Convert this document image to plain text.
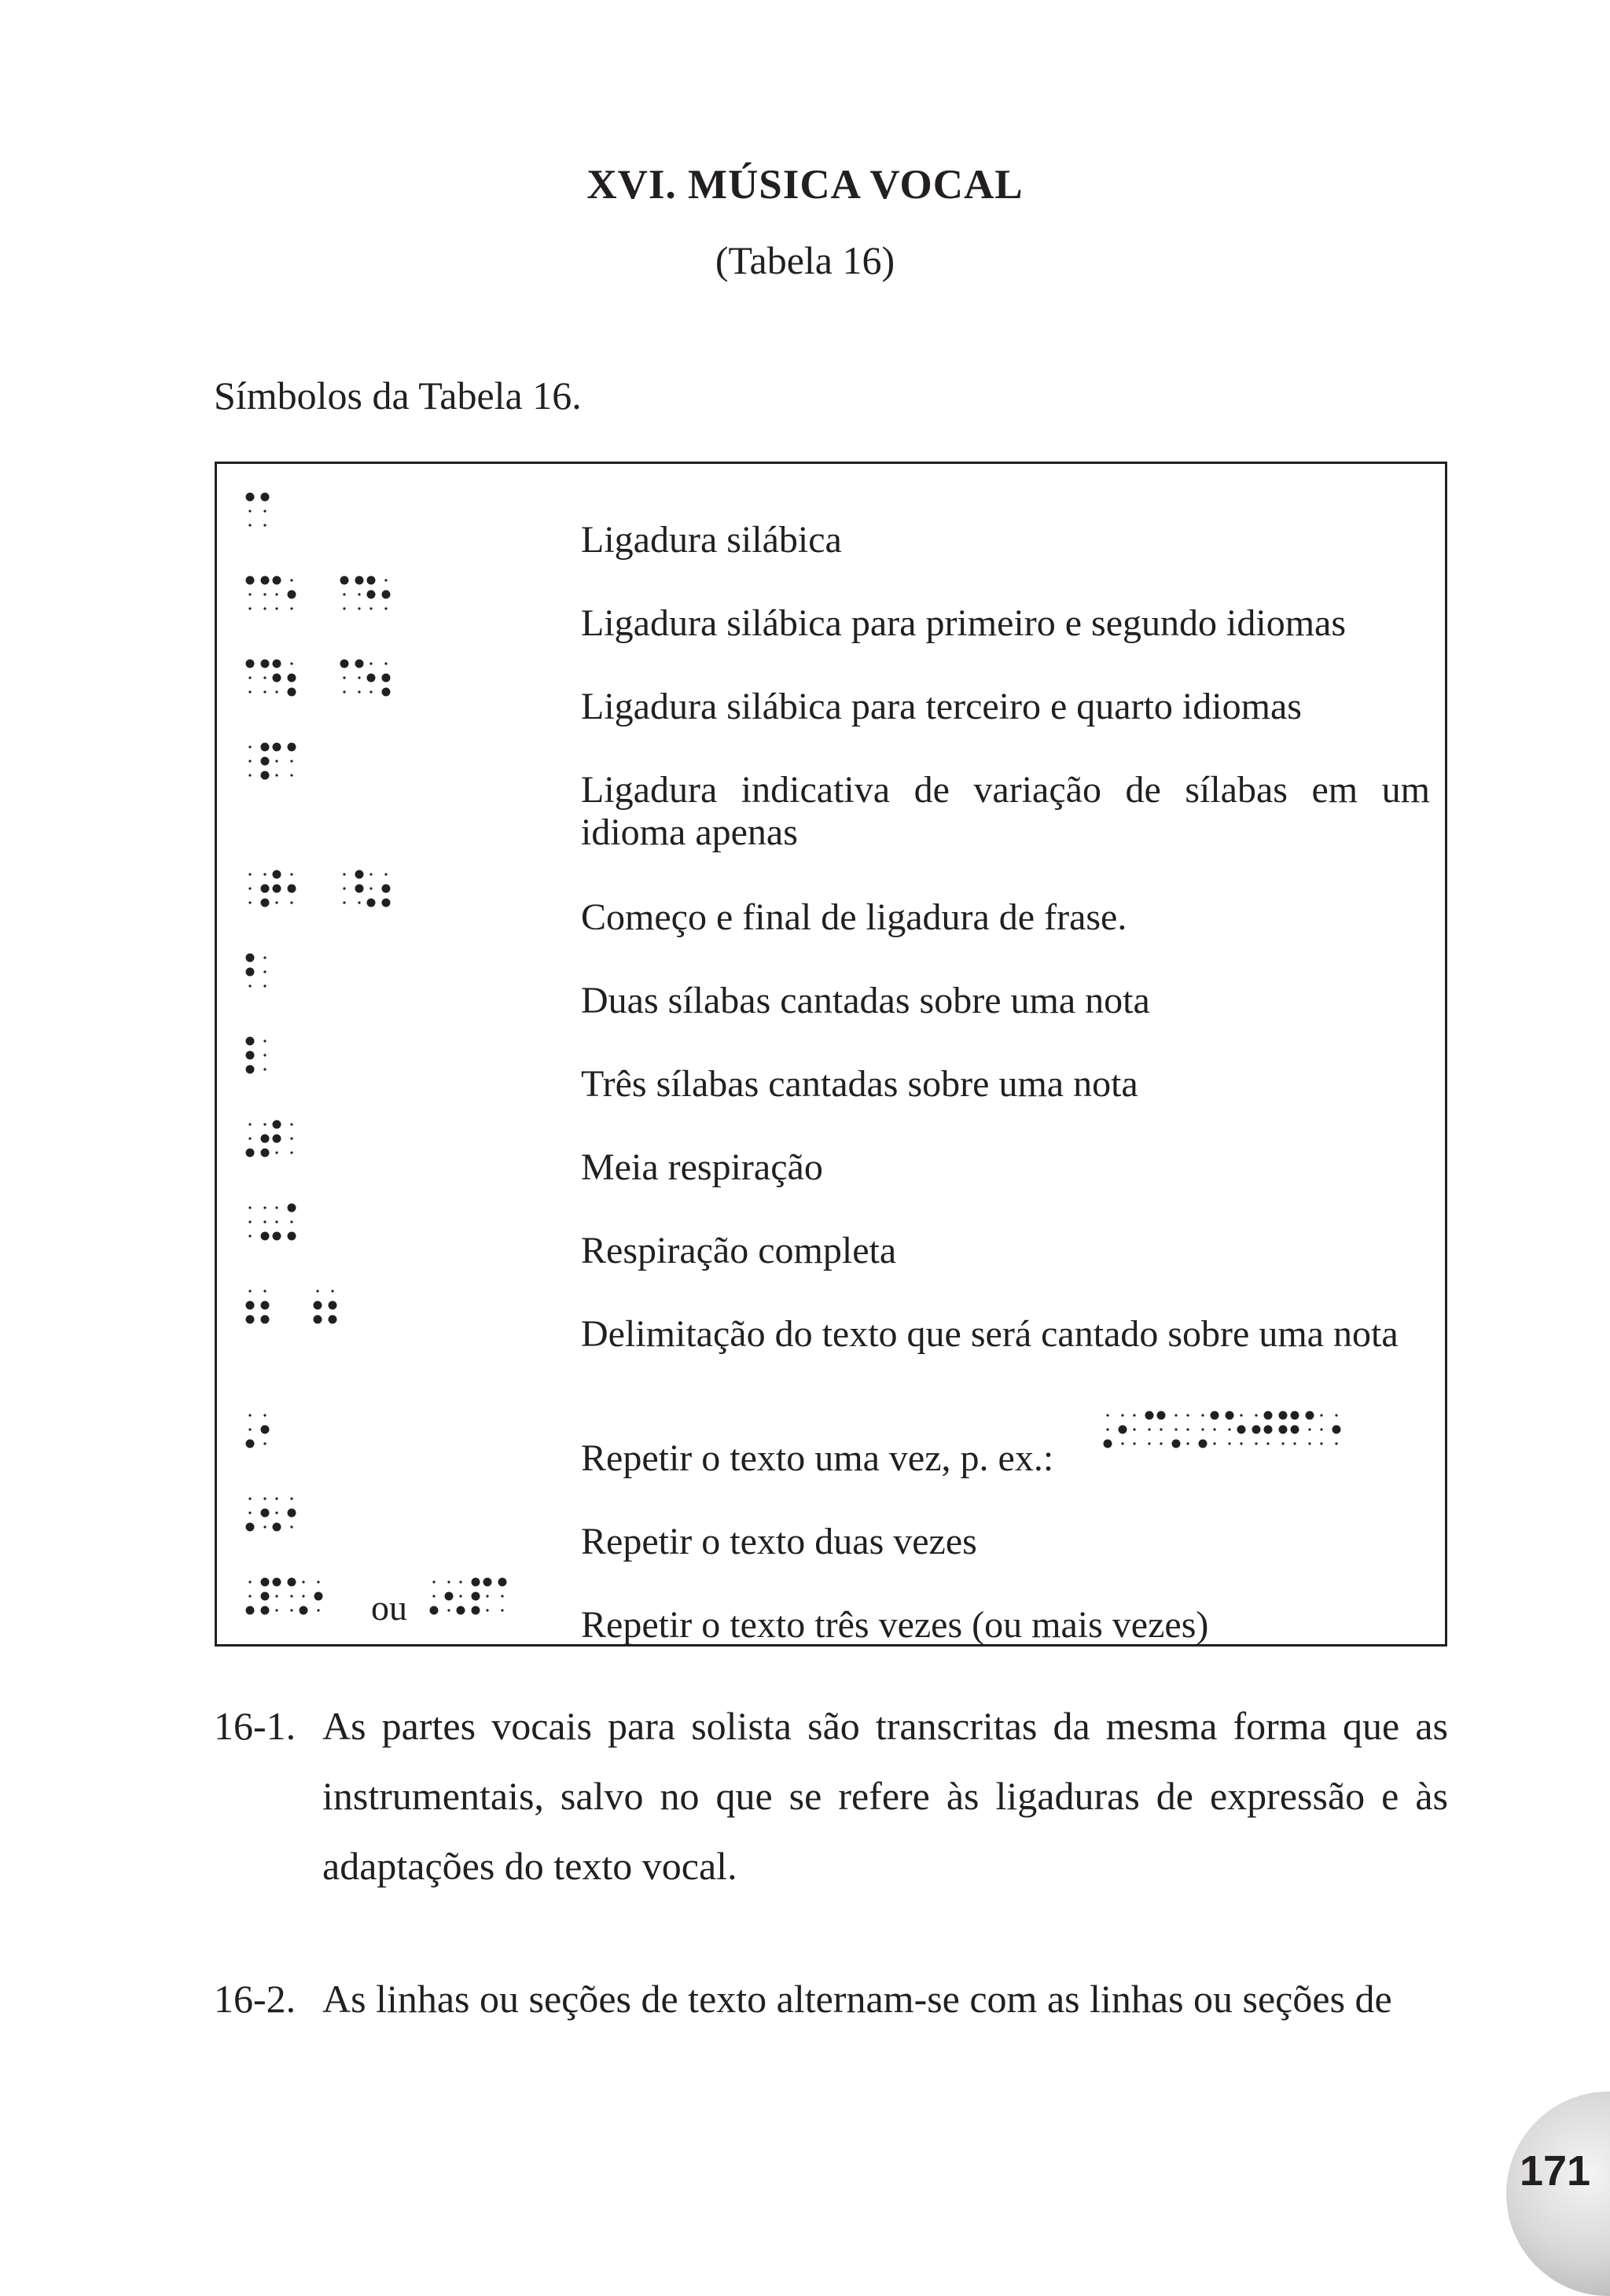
XVI. MÚSICA VOCAL
(Tabela 16)
Símbolos da Tabela 16.
Ligadura silábica
Ligadura silábica para primeiro e segundo idiomas
Ligadura silábica para terceiro e quarto idiomas
Ligadura indicativa de variação de sílabas em um idioma apenas
Começo e final de ligadura de frase.
Duas sílabas cantadas sobre uma nota
Três sílabas cantadas sobre uma nota
Meia respiração
Respiração completa
Delimitação do texto que será cantado sobre uma nota
Repetir o texto uma vez, p. ex.:
Repetir o texto duas vezes
ou	Repetir o texto três vezes (ou mais vezes)
16-1. As partes vocais para solista são transcritas da mesma forma que as instrumentais, salvo no que se refere às ligaduras de expressão e às adaptações do texto vocal.
16-2. As linhas ou seções de texto alternam-se com as linhas ou seções de
171
